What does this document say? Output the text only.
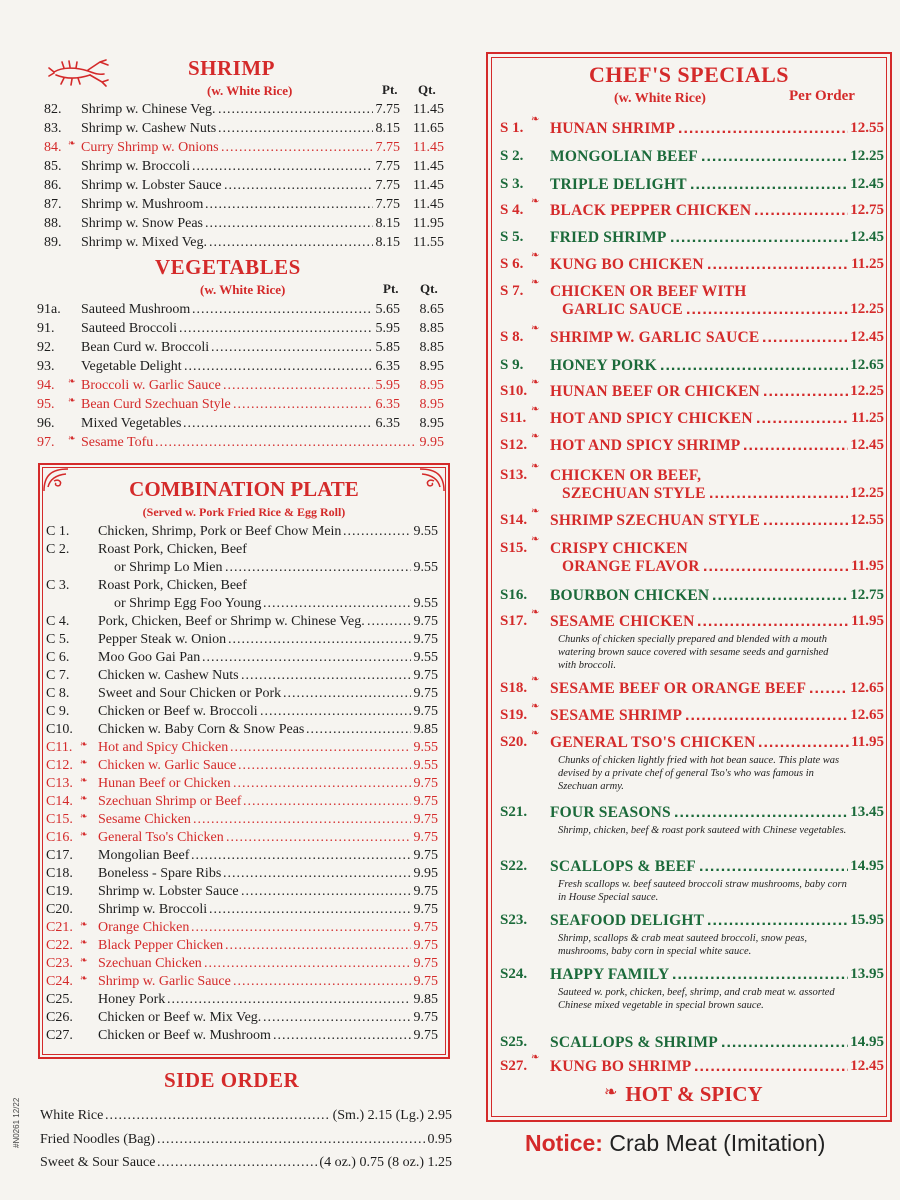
SHRIMP
(w. White Rice)	Pt. Qt.
82. Shrimp w. Chinese Veg. .....	7.75 11.45
83. Shrimp w. Cashew Nuts .....	8.15 11.65
84. ❧ Curry Shrimp w. Onions .....	7.75 11.45
85. Shrimp w. Broccoli .....	7.75 11.45
86. Shrimp w. Lobster Sauce .....	7.75 11.45
87. Shrimp w. Mushroom .....	7.75 11.45
88. Shrimp w. Snow Peas .....	8.15 11.95
89. Shrimp w. Mixed Veg. .....	8.15 11.55
VEGETABLES
(w. White Rice)	Pt. Qt.
91a. Sauteed Mushroom .....	5.65 8.65
91. Sauteed Broccoli .....	5.95 8.85
92. Bean Curd w. Broccoli .....	5.85 8.85
93. Vegetable Delight .....	6.35 8.95
94. ❧ Broccoli w. Garlic Sauce .....	5.95 8.95
95. ❧ Bean Curd Szechuan Style .....	6.35 8.95
96. Mixed Vegetables .....	6.35 8.95
97. ❧ Sesame Tofu .....	9.95
COMBINATION PLATE
(Served w. Pork Fried Rice & Egg Roll)
C 1. Chicken, Shrimp, Pork or Beef Chow Mein .....	9.55
C 2. Roast Pork, Chicken, Beef
or Shrimp Lo Mien .....	9.55
C 3. Roast Pork, Chicken, Beef
or Shrimp Egg Foo Young .....	9.55
C 4. Pork, Chicken, Beef or Shrimp w. Chinese Veg. .....	9.75
C 5. Pepper Steak w. Onion .....	9.75
C 6. Moo Goo Gai Pan .....	9.55
C 7. Chicken w. Cashew Nuts .....	9.75
C 8. Sweet and Sour Chicken or Pork .....	9.75
C 9. Chicken or Beef w. Broccoli .....	9.75
C10. Chicken w. Baby Corn & Snow Peas .....	9.85
C11. ❧ Hot and Spicy Chicken .....	9.55
C12. ❧ Chicken w. Garlic Sauce .....	9.55
C13. ❧ Hunan Beef or Chicken .....	9.75
C14. ❧ Szechuan Shrimp or Beef .....	9.75
C15. ❧ Sesame Chicken .....	9.75
C16. ❧ General Tso's Chicken .....	9.75
C17. Mongolian Beef .....	9.75
C18. Boneless - Spare Ribs .....	9.95
C19. Shrimp w. Lobster Sauce .....	9.75
C20. Shrimp w. Broccoli .....	9.75
C21. ❧ Orange Chicken .....	9.75
C22. ❧ Black Pepper Chicken .....	9.75
C23. ❧ Szechuan Chicken .....	9.75
C24. ❧ Shrimp w. Garlic Sauce .....	9.75
C25. Honey Pork .....	9.85
C26. Chicken or Beef w. Mix Veg. .....	9.75
C27. Chicken or Beef w. Mushroom .....	9.75
SIDE ORDER
White Rice .....	(Sm.) 2.15 (Lg.) 2.95
Fried Noodles (Bag) .....	0.95
Sweet & Sour Sauce .....	(4 oz.) 0.75 (8 oz.) 1.25
#N0261 12/22
CHEF'S SPECIALS
(w. White Rice)	Per Order
S 1.
❧
HUNAN SHRIMP .....	12.55
S 2. MONGOLIAN BEEF .....	12.25
S 3. TRIPLE DELIGHT .....	12.45
S 4.
❧
BLACK PEPPER CHICKEN .....	12.75
S 5. FRIED SHRIMP .....	12.45
S 6.
❧
KUNG BO CHICKEN .....	11.25
S 7.
❧
CHICKEN OR BEEF WITH
GARLIC SAUCE .....	12.25
S 8.
❧
SHRIMP W. GARLIC SAUCE .....	12.45
S 9. HONEY PORK .....	12.65
S10.
❧
HUNAN BEEF OR CHICKEN .....	12.25
S11.
❧
HOT AND SPICY CHICKEN .....	11.25
S12.
❧
HOT AND SPICY SHRIMP .....	12.45
S13.
❧
CHICKEN OR BEEF,
SZECHUAN STYLE .....	12.25
S14.
❧
SHRIMP SZECHUAN STYLE .....	12.55
S15.
❧
CRISPY CHICKEN
ORANGE FLAVOR .....	11.95
S16. BOURBON CHICKEN .....	12.75
S17.
❧
SESAME CHICKEN .....	11.95
Chunks of chicken specially prepared and blended with a mouth watering brown sauce covered with sesame seeds and garnished with broccoli.
S18.
❧
SESAME BEEF OR ORANGE BEEF .....	12.65
S19.
❧
SESAME SHRIMP .....	12.65
S20.
❧
GENERAL TSO'S CHICKEN .....	11.95
Chunks of chicken lightly fried with hot bean sauce. This plate was devised by a private chef of general Tso's who was famous in Szechuan army.
S21. FOUR SEASONS .....	13.45
Shrimp, chicken, beef & roast pork sauteed with Chinese vegetables.
S22. SCALLOPS & BEEF .....	14.95
Fresh scallops w. beef sauteed broccoli straw mushrooms, baby corn in House Special sauce.
S23. SEAFOOD DELIGHT .....	15.95
Shrimp, scallops & crab meat sauteed broccoli, snow peas, mushrooms, baby corn in special white sauce.
S24. HAPPY FAMILY .....	13.95
Sauteed w. pork, chicken, beef, shrimp, and crab meat w. assorted Chinese mixed vegetable in special brown sauce.
S25. SCALLOPS & SHRIMP .....	14.95
S27.
❧
KUNG BO SHRIMP .....	12.45
❧ HOT & SPICY
Notice: Crab Meat (Imitation)
